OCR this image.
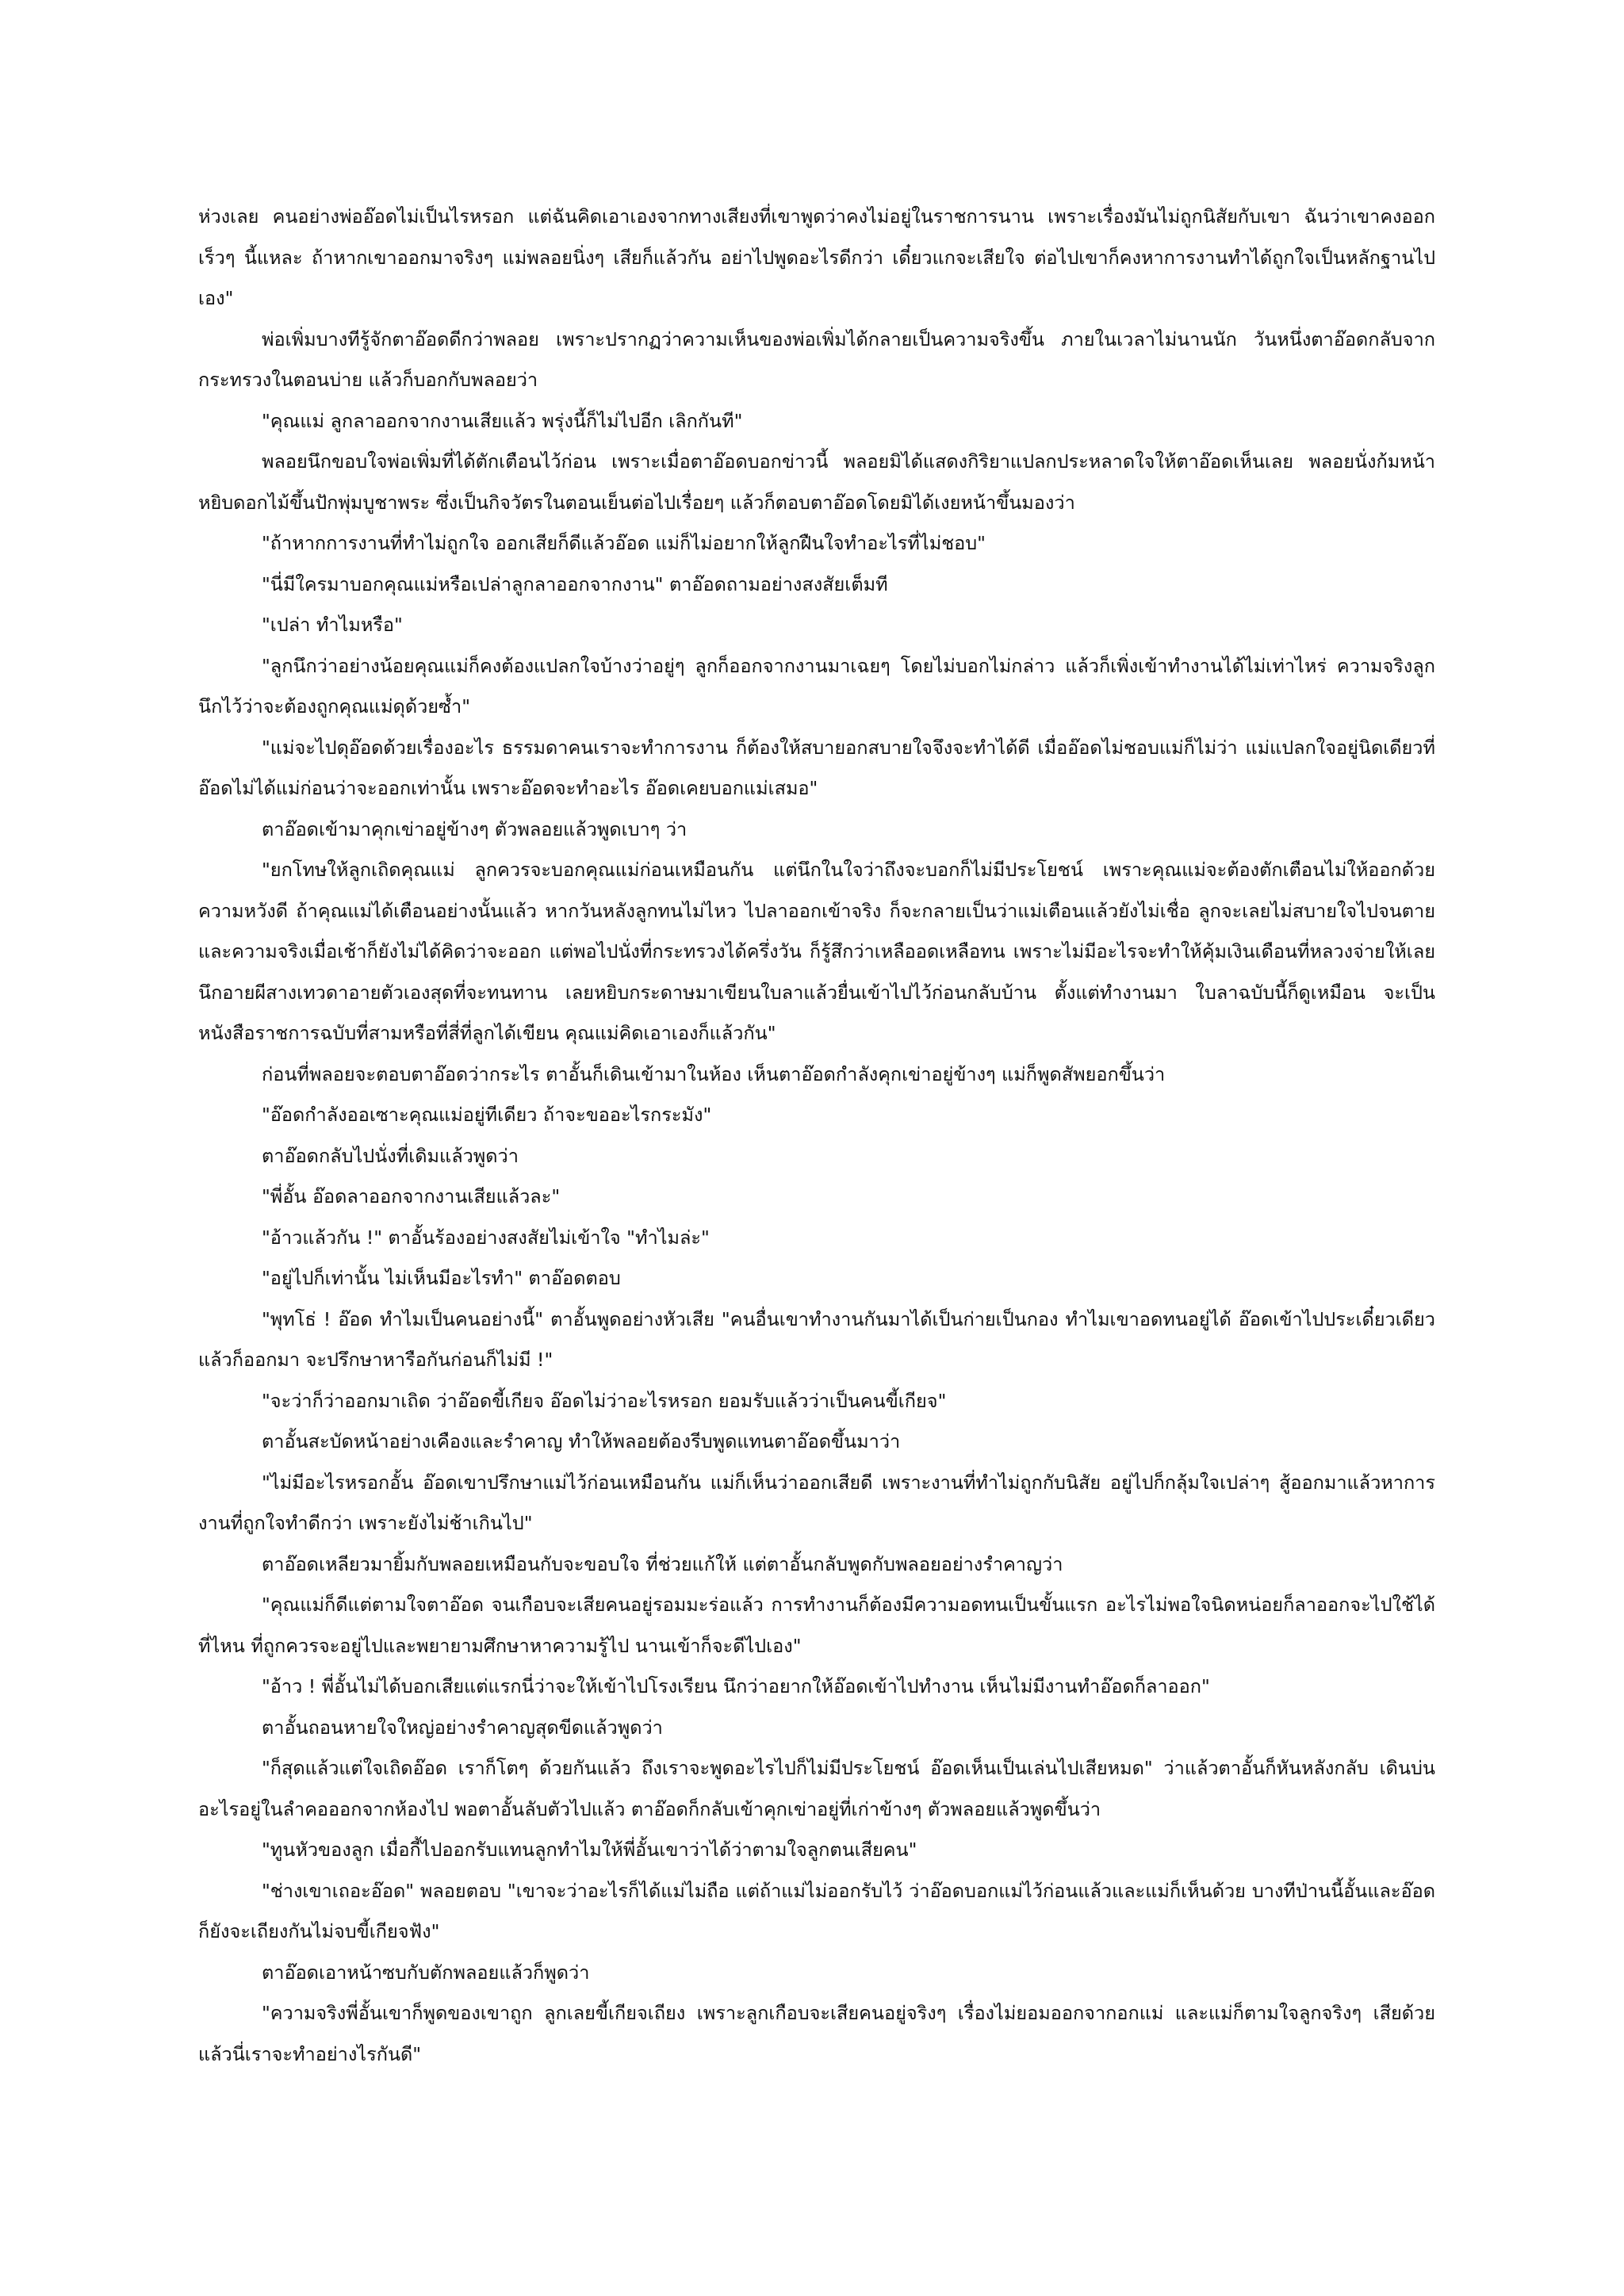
ห่วงเลย คนอย่างพ่ออ๊อดไม่เป็นไรหรอก แต่ฉันคิดเอาเองจากทางเสียงที่เขาพูดว่าคงไม่อยู่ในราชการนาน เพราะเรื่องมันไม่ถูกนิสัยกับเขา ฉันว่าเขาคงออกเร็วๆ นี้แหละ ถ้าหากเขาออกมาจริงๆ แม่พลอยนิ่งๆ เสียก็แล้วกัน อย่าไปพูดอะไรดีกว่า เดี๋ยวแกจะเสียใจ ต่อไปเขาก็คงหาการงานทำได้ถูกใจเป็นหลักฐานไปเอง"

พ่อเพิ่มบางทีรู้จักตาอ๊อดดีกว่าพลอย เพราะปรากฏว่าความเห็นของพ่อเพิ่มได้กลายเป็นความจริงขึ้น ภายในเวลาไม่นานนัก วันหนึ่งตาอ๊อดกลับจากกระทรวงในตอนบ่าย แล้วก็บอกกับพลอยว่า

"คุณแม่ ลูกลาออกจากงานเสียแล้ว พรุ่งนี้ก็ไม่ไปอีก เลิกกันที"

พลอยนึกขอบใจพ่อเพิ่มที่ได้ตักเตือนไว้ก่อน เพราะเมื่อตาอ๊อดบอกข่าวนี้ พลอยมิได้แสดงกิริยาแปลกประหลาดใจให้ตาอ๊อดเห็นเลย พลอยนั่งก้มหน้าหยิบดอกไม้ขึ้นปักพุ่มบูชาพระ ซึ่งเป็นกิจวัตรในตอนเย็นต่อไปเรื่อยๆ แล้วก็ตอบตาอ๊อดโดยมิได้เงยหน้าขึ้นมองว่า

"ถ้าหากการงานที่ทำไม่ถูกใจ ออกเสียก็ดีแล้วอ๊อด แม่ก็ไม่อยากให้ลูกฝืนใจทำอะไรที่ไม่ชอบ"

"นี่มีใครมาบอกคุณแม่หรือเปล่าลูกลาออกจากงาน" ตาอ๊อดถามอย่างสงสัยเต็มที

"เปล่า ทำไมหรือ"

"ลูกนึกว่าอย่างน้อยคุณแม่ก็คงต้องแปลกใจบ้างว่าอยู่ๆ ลูกก็ออกจากงานมาเฉยๆ โดยไม่บอกไม่กล่าว แล้วก็เพิ่งเข้าทำงานได้ไม่เท่าไหร่ ความจริงลูกนึกไว้ว่าจะต้องถูกคุณแม่ดุด้วยซ้ำ"

"แม่จะไปดุอ๊อดด้วยเรื่องอะไร ธรรมดาคนเราจะทำการงาน ก็ต้องให้สบายอกสบายใจจึงจะทำได้ดี เมื่ออ๊อดไม่ชอบแม่ก็ไม่ว่า แม่แปลกใจอยู่นิดเดียวที่อ๊อดไม่ได้แม่ก่อนว่าจะออกเท่านั้น เพราะอ๊อดจะทำอะไร อ๊อดเคยบอกแม่เสมอ"

ตาอ๊อดเข้ามาคุกเข่าอยู่ข้างๆ ตัวพลอยแล้วพูดเบาๆ ว่า

"ยกโทษให้ลูกเถิดคุณแม่ ลูกควรจะบอกคุณแม่ก่อนเหมือนกัน แต่นึกในใจว่าถึงจะบอกก็ไม่มีประโยชน์ เพราะคุณแม่จะต้องตักเตือนไม่ให้ออกด้วยความหวังดี ถ้าคุณแม่ได้เตือนอย่างนั้นแล้ว หากวันหลังลูกทนไม่ไหว ไปลาออกเข้าจริง ก็จะกลายเป็นว่าแม่เตือนแล้วยังไม่เชื่อ ลูกจะเลยไม่สบายใจไปจนตาย และความจริงเมื่อเช้าก็ยังไม่ได้คิดว่าจะออก แต่พอไปนั่งที่กระทรวงได้ครึ่งวัน ก็รู้สึกว่าเหลืออดเหลือทน เพราะไม่มีอะไรจะทำให้คุ้มเงินเดือนที่หลวงจ่ายให้เลย นึกอายผีสางเทวดาอายตัวเองสุดที่จะทนทาน เลยหยิบกระดาษมาเขียนใบลาแล้วยื่นเข้าไปไว้ก่อนกลับบ้าน ตั้งแต่ทำงานมา ใบลาฉบับนี้ก็ดูเหมือน จะเป็นหนังสือราชการฉบับที่สามหรือที่สี่ที่ลูกได้เขียน คุณแม่คิดเอาเองก็แล้วกัน"

ก่อนที่พลอยจะตอบตาอ๊อดว่ากระไร ตาอั้นก็เดินเข้ามาในห้อง เห็นตาอ๊อดกำลังคุกเข่าอยู่ข้างๆ แม่ก็พูดสัพยอกขึ้นว่า

"อ๊อดกำลังออเซาะคุณแม่อยู่ทีเดียว ถ้าจะขออะไรกระมัง"

ตาอ๊อดกลับไปนั่งที่เดิมแล้วพูดว่า

"พี่อั้น อ๊อดลาออกจากงานเสียแล้วละ"

"อ้าวแล้วกัน !" ตาอั้นร้องอย่างสงสัยไม่เข้าใจ "ทำไมล่ะ"

"อยู่ไปก็เท่านั้น ไม่เห็นมีอะไรทำ" ตาอ๊อดตอบ

"พุทโธ่ ! อ๊อด ทำไมเป็นคนอย่างนี้" ตาอั้นพูดอย่างหัวเสีย "คนอื่นเขาทำงานกันมาได้เป็นก่ายเป็นกอง ทำไมเขาอดทนอยู่ได้ อ๊อดเข้าไปประเดี๋ยวเดียวแล้วก็ออกมา จะปรึกษาหารือกันก่อนก็ไม่มี !"

"จะว่าก็ว่าออกมาเถิด ว่าอ๊อดขี้เกียจ อ๊อดไม่ว่าอะไรหรอก ยอมรับแล้วว่าเป็นคนขี้เกียจ"

ตาอั้นสะบัดหน้าอย่างเคืองและรำคาญ ทำให้พลอยต้องรีบพูดแทนตาอ๊อดขึ้นมาว่า

"ไม่มีอะไรหรอกอั้น อ๊อดเขาปรึกษาแม่ไว้ก่อนเหมือนกัน แม่ก็เห็นว่าออกเสียดี เพราะงานที่ทำไม่ถูกกับนิสัย อยู่ไปก็กลุ้มใจเปล่าๆ สู้ออกมาแล้วหาการงานที่ถูกใจทำดีกว่า เพราะยังไม่ช้าเกินไป"

ตาอ๊อดเหลียวมายิ้มกับพลอยเหมือนกับจะขอบใจ ที่ช่วยแก้ให้ แต่ตาอั้นกลับพูดกับพลอยอย่างรำคาญว่า

"คุณแม่ก็ดีแต่ตามใจตาอ๊อด จนเกือบจะเสียคนอยู่รอมมะร่อแล้ว การทำงานก็ต้องมีความอดทนเป็นขั้นแรก อะไรไม่พอใจนิดหน่อยก็ลาออกจะไปใช้ได้ที่ไหน ที่ถูกควรจะอยู่ไปและพยายามศึกษาหาความรู้ไป นานเข้าก็จะดีไปเอง"

"อ้าว ! พี่อั้นไม่ได้บอกเสียแต่แรกนี่ว่าจะให้เข้าไปโรงเรียน นึกว่าอยากให้อ๊อดเข้าไปทำงาน เห็นไม่มีงานทำอ๊อดก็ลาออก"

ตาอั้นถอนหายใจใหญ่อย่างรำคาญสุดขีดแล้วพูดว่า

"ก็สุดแล้วแต่ใจเถิดอ๊อด เราก็โตๆ ด้วยกันแล้ว ถึงเราจะพูดอะไรไปก็ไม่มีประโยชน์ อ๊อดเห็นเป็นเล่นไปเสียหมด" ว่าแล้วตาอั้นก็หันหลังกลับ เดินบ่นอะไรอยู่ในลำคอออกจากห้องไป พอตาอั้นลับตัวไปแล้ว ตาอ๊อดก็กลับเข้าคุกเข่าอยู่ที่เก่าข้างๆ ตัวพลอยแล้วพูดขึ้นว่า

"ทูนหัวของลูก เมื่อกี้ไปออกรับแทนลูกทำไมให้พี่อั้นเขาว่าได้ว่าตามใจลูกตนเสียคน"

"ช่างเขาเถอะอ๊อด" พลอยตอบ "เขาจะว่าอะไรก็ได้แม่ไม่ถือ แต่ถ้าแม่ไม่ออกรับไว้ ว่าอ๊อดบอกแม่ไว้ก่อนแล้วและแม่ก็เห็นด้วย บางทีป่านนี้อั้นและอ๊อดก็ยังจะเถียงกันไม่จบขี้เกียจฟัง"

ตาอ๊อดเอาหน้าซบกับตักพลอยแล้วก็พูดว่า

"ความจริงพี่อั้นเขาก็พูดของเขาถูก ลูกเลยขี้เกียจเถียง เพราะลูกเกือบจะเสียคนอยู่จริงๆ เรื่องไม่ยอมออกจากอกแม่ และแม่ก็ตามใจลูกจริงๆ เสียด้วย แล้วนี่เราจะทำอย่างไรกันดี"
